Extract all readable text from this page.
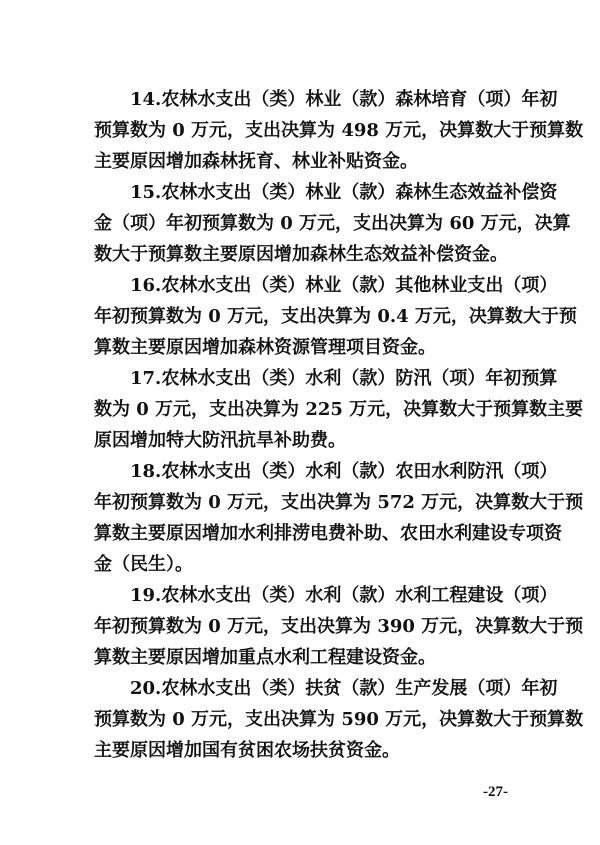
14.农林水支出（类）林业（款）森林培育（项）年初
预算数为 0 万元，支出决算为 498 万元，决算数大于预算数
主要原因增加森林抚育、林业补贴资金。
15.农林水支出（类）林业（款）森林生态效益补偿资
金（项）年初预算数为 0 万元，支出决算为 60 万元，决算
数大于预算数主要原因增加森林生态效益补偿资金。
16.农林水支出（类）林业（款）其他林业支出（项）
年初预算数为 0 万元，支出决算为 0.4 万元，决算数大于预
算数主要原因增加森林资源管理项目资金。
17.农林水支出（类）水利（款）防汛（项）年初预算
数为 0 万元，支出决算为 225 万元，决算数大于预算数主要
原因增加特大防汛抗旱补助费。
18.农林水支出（类）水利（款）农田水利防汛（项）
年初预算数为 0 万元，支出决算为 572 万元，决算数大于预
算数主要原因增加水利排涝电费补助、农田水利建设专项资
金（民生）。
19.农林水支出（类）水利（款）水利工程建设（项）
年初预算数为 0 万元，支出决算为 390 万元，决算数大于预
算数主要原因增加重点水利工程建设资金。
20.农林水支出（类）扶贫（款）生产发展（项）年初
预算数为 0 万元，支出决算为 590 万元，决算数大于预算数
主要原因增加国有贫困农场扶贫资金。
-27-
